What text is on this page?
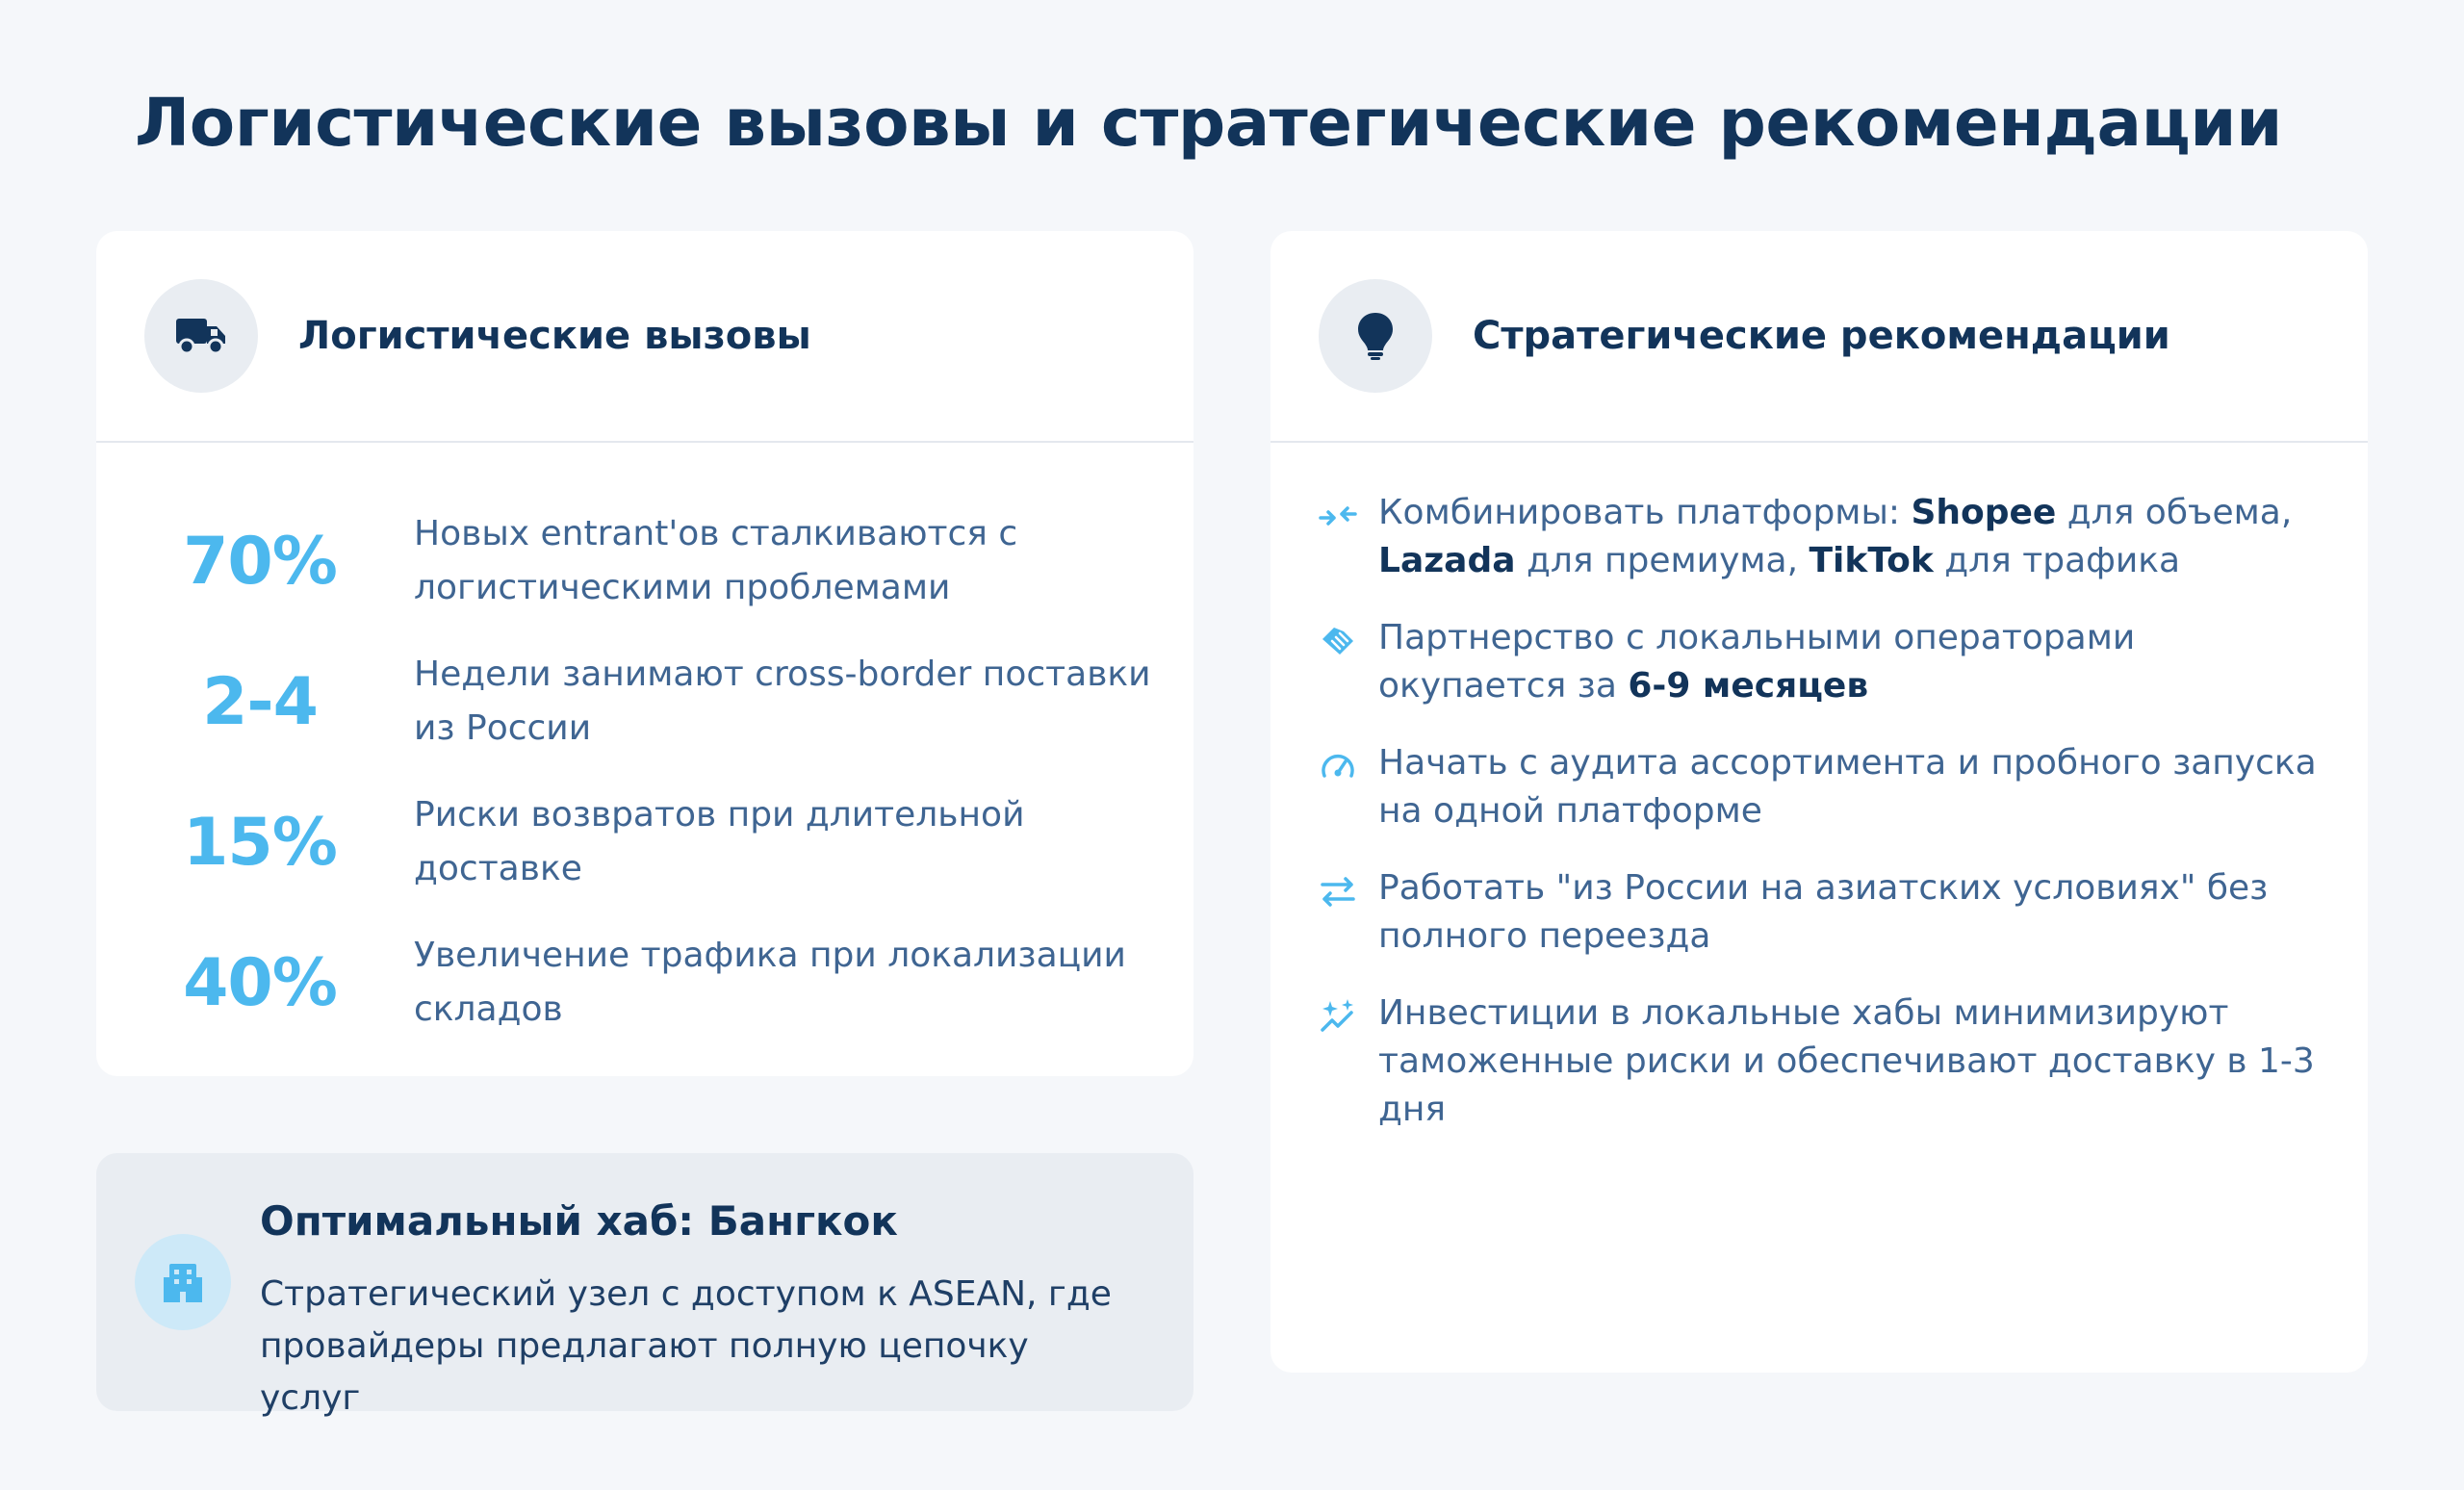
Логистические вызовы и стратегические рекомендации
Логистические вызовы
70%	Новых entrant'ов сталкиваются с логистическими проблемами
2-4	Недели занимают cross-border поставки из России
15%	Риски возвратов при длительной доставке
40%	Увеличение трафика при локализации складов
Оптимальный хаб: Бангкок
Стратегический узел с доступом к ASEAN, где провайдеры предлагают полную цепочку услуг
Стратегические рекомендации
Комбинировать платформы: Shopee для объема, Lazada для премиума, TikTok для трафика
Партнерство с локальными операторами окупается за 6-9 месяцев
Начать с аудита ассортимента и пробного запуска на одной платформе
Работать "из России на азиатских условиях" без полного переезда
Инвестиции в локальные хабы минимизируют таможенные риски и обеспечивают доставку в 1-3 дня
